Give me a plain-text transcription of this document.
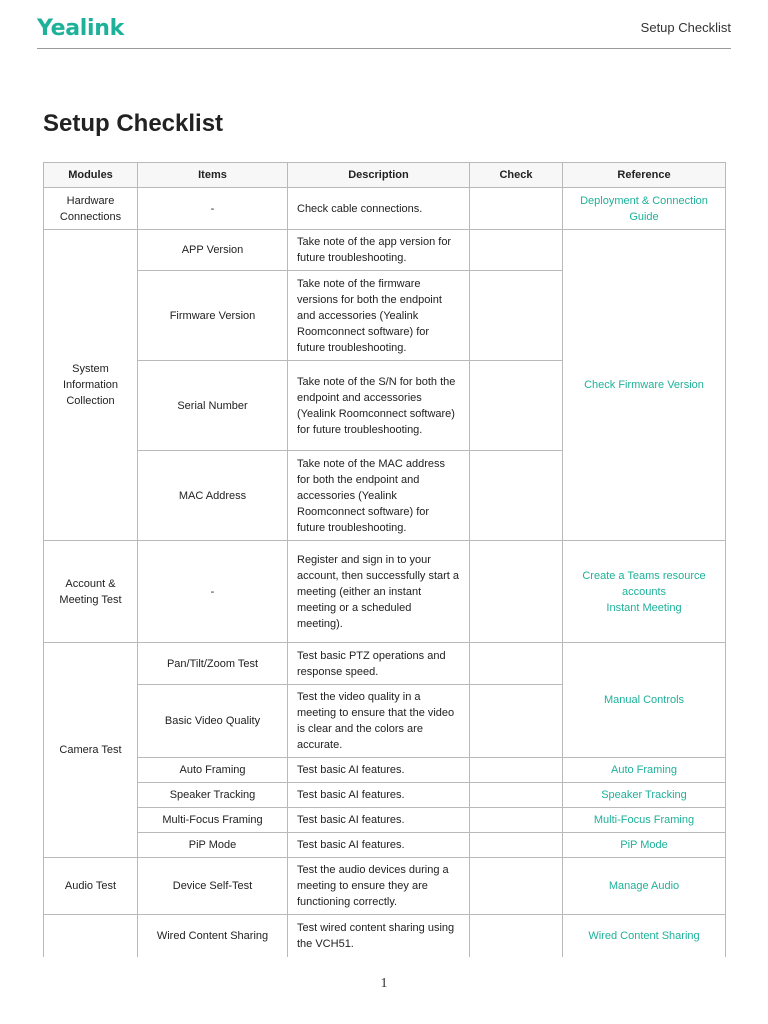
Yealink	Setup Checklist
Setup Checklist
Modules	Items	Description	Check	Reference
Hardware Connections	-	Check cable connections.		Deployment & Connection Guide
System Information Collection	APP Version	Take note of the app version for future troubleshooting.		Check Firmware Version
	Firmware Version	Take note of the firmware versions for both the endpoint and accessories (Yealink Roomconnect software) for future troubleshooting.		
	Serial Number	Take note of the S/N for both the endpoint and accessories (Yealink Roomconnect software) for future troubleshooting.		
	MAC Address	Take note of the MAC address for both the endpoint and accessories (Yealink Roomconnect software) for future troubleshooting.		
Account & Meeting Test	-	Register and sign in to your account, then successfully start a meeting (either an instant meeting or a scheduled meeting).		Create a Teams resource accounts
Instant Meeting

Camera Test	Pan/Tilt/Zoom Test	Test basic PTZ operations and response speed.		Manual Controls
	Basic Video Quality	Test the video quality in a meeting to ensure that the video is clear and the colors are accurate.		
	Auto Framing	Test basic AI features.		Auto Framing
	Speaker Tracking	Test basic AI features.		Speaker Tracking
	Multi-Focus Framing	Test basic AI features.		Multi-Focus Framing
	PiP Mode	Test basic AI features.		PiP Mode
Audio Test	Device Self-Test	Test the audio devices during a meeting to ensure they are functioning correctly.		Manage Audio
	Wired Content Sharing	Test wired content sharing using the VCH51.		Wired Content Sharing
1
